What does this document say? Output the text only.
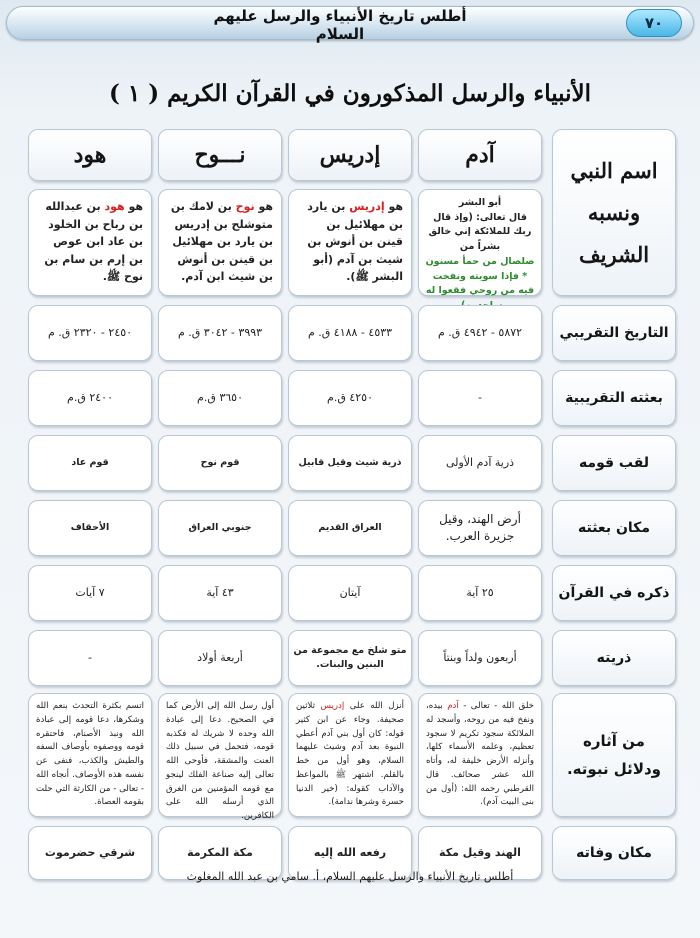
أطلس تاريخ الأنبياء والرسل عليهم السلام
٧٠
الأنبياء والرسل المذكورون في القرآن الكريم ( ١ )
اسم النبي
ونسبه
الشريف
التاريخ التقريبي
بعثته التقريبية
لقب قومه
مكان بعثته
ذكره في القرآن
ذريته
من آثاره ودلائل نبوته.
مكان وفاته
آدم
أبو البشر
قال تعالى: (وإذ قال ربك للملائكة إني خالق بشراً من
صلصال من حمأ مسنون * فإذا سويته ونفخت فيه من روحي فقعوا له
٥٨٧٢ - ٤٩٤٢ ق. م
-
ذرية آدم الأولى
أرض الهند، وقيل جزيرة العرب.
٢٥ آية
أربعون ولداً وبنتاً
خلق الله - تعالى - آدم بيده، ونفخ فيه من روحه، وأسجد له الملائكة سجود تكريم لا سجود تعظيم، وعلمه الأسماء كلها، وأنزله الأرض خليفة له، وأتاه الله عشر صحائف. قال القرطبي رحمه الله: (أول من بنى البيت آدم).
الهند وقيل مكة
إدريس
هو إدريس بن يارد بن مهلائيل بن قينن بن أنوش بن شيث بن آدم (أبو البشر ﷺ).
٤٥٣٣ - ٤١٨٨ ق. م
٤٢٥٠ ق.م
ذرية شيث وقيل قابيل
العراق القديم
آيتان
متو شلخ مع مجموعة من البنين والبنات.
أنزل الله على إدريس ثلاثين صحيفة. وجاء عن ابن كثير قوله: كان أول بني آدم أعطي النبوة بعد آدم وشيث عليهما السلام، وهو أول من خط بالقلم. اشتهر ﷺ بالمواعظ والآداب كقوله: (خير الدنيا حسرة وشرها ندامة).
رفعه الله إليه
نـــوح
هو نوح بن لامك بن متوشلح بن إدريس بن يارد بن مهلائيل بن قينن بن أنوش بن شيث ابن آدم.
٣٩٩٣ - ٣٠٤٢ ق. م
٣٦٥٠ ق.م
قوم نوح
جنوبي العراق
٤٣ آية
أربعة أولاد
أول رسل الله إلى الأرض كما في الصحيح. دعا إلى عبادة الله وحده لا شريك له فكذبه قومه، فتحمل في سبيل ذلك العنت والمشقة، فأوحى الله تعالى إليه صناعة الفلك لينجو مع قومه المؤمنين من الغرق الذي أرسله الله على الكافرين.
مكة المكرمة
هود
هو هود بن عبدالله بن رباح بن الخلود بن عاد ابن عوص بن إرم بن سام بن نوح ﷺ.
٢٤٥٠ - ٢٣٢٠ ق. م
٢٤٠٠ ق.م
قوم عاد
الأحقاف
٧ آيات
-
اتسم بكثرة التحدث بنعم الله وشكرها، دعا قومه إلى عبادة الله ونبذ الأصنام، فاحتقره قومه ووصفوه بأوصاف السفه والطيش والكذب، فنفى عن نفسه هذه الأوصاف. أنجاه الله - تعالى - من الكارثة التي حلت بقومه العصاة.
شرقي حضرموت
أطلس تاريخ الأنبياء والرسل عليهم السلام، أ. سامي بن عبد الله المغلوث
